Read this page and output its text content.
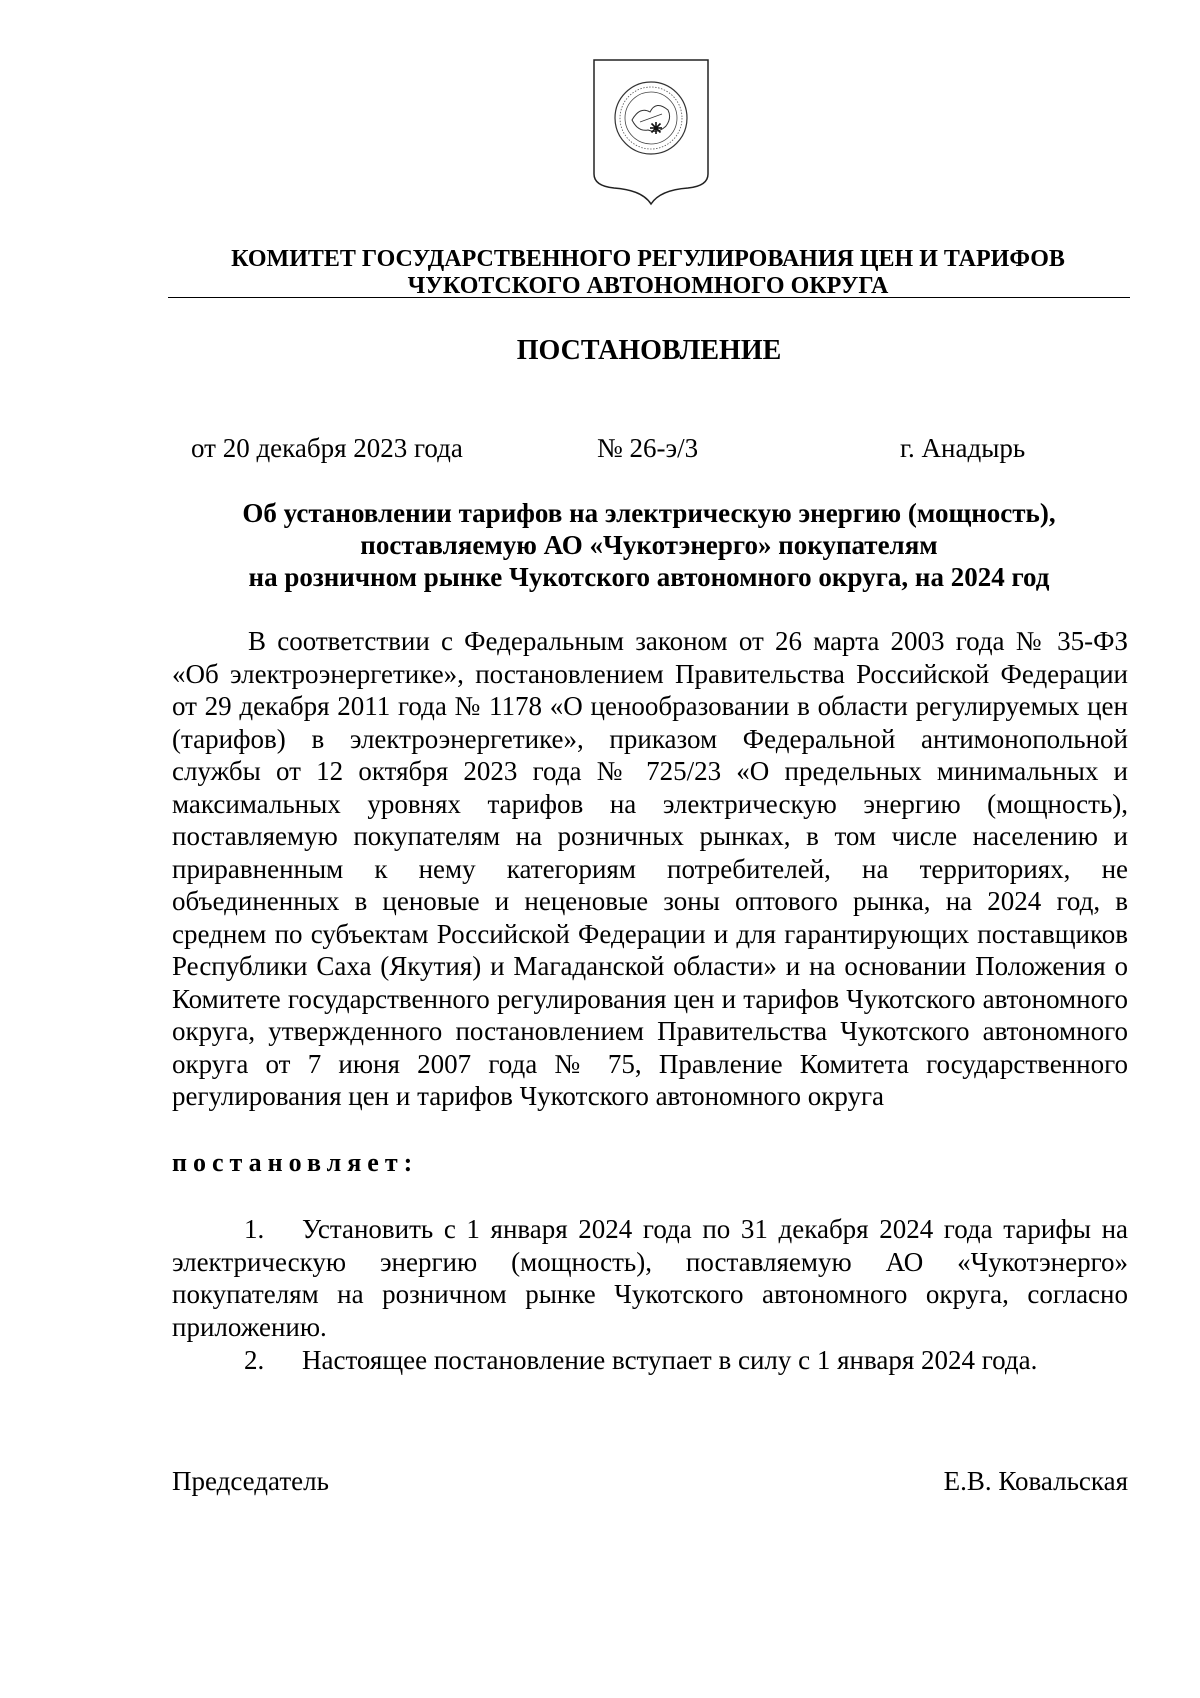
КОМИТЕТ ГОСУДАРСТВЕННОГО РЕГУЛИРОВАНИЯ ЦЕН И ТАРИФОВ
ЧУКОТСКОГО АВТОНОМНОГО ОКРУГА
ПОСТАНОВЛЕНИЕ
от 20 декабря 2023 года	№ 26-э/3	г. Анадырь
Об установлении тарифов на электрическую энергию (мощность),
поставляемую АО «Чукотэнерго» покупателям
на розничном рынке Чукотского автономного округа, на 2024 год
В соответствии с Федеральным законом от 26 марта 2003 года № 35-ФЗ «Об электроэнергетике», постановлением Правительства Российской Федерации от 29 декабря 2011 года № 1178 «О ценообразовании в области регулируемых цен (тарифов) в электроэнергетике», приказом Федеральной антимонопольной службы от 12 октября 2023 года № 725/23 «О предельных минимальных и максимальных уровнях тарифов на электрическую энергию (мощность), поставляемую покупателям на розничных рынках, в том числе населению и приравненным к нему категориям потребителей, на территориях, не объединенных в ценовые и неценовые зоны оптового рынка, на 2024 год, в среднем по субъектам Российской Федерации и для гарантирующих поставщиков Республики Саха (Якутия) и Магаданской области» и на основании Положения о Комитете государственного регулирования цен и тарифов Чукотского автономного округа, утвержденного постановлением Правительства Чукотского автономного округа от 7 июня 2007 года № 75, Правление Комитета государственного регулирования цен и тарифов Чукотского автономного округа
постановляет:
1. Установить с 1 января 2024 года по 31 декабря 2024 года тарифы на электрическую энергию (мощность), поставляемую АО «Чукотэнерго» покупателям на розничном рынке Чукотского автономного округа, согласно приложению.
2. Настоящее постановление вступает в силу с 1 января 2024 года.
Председатель	Е.В. Ковальская
